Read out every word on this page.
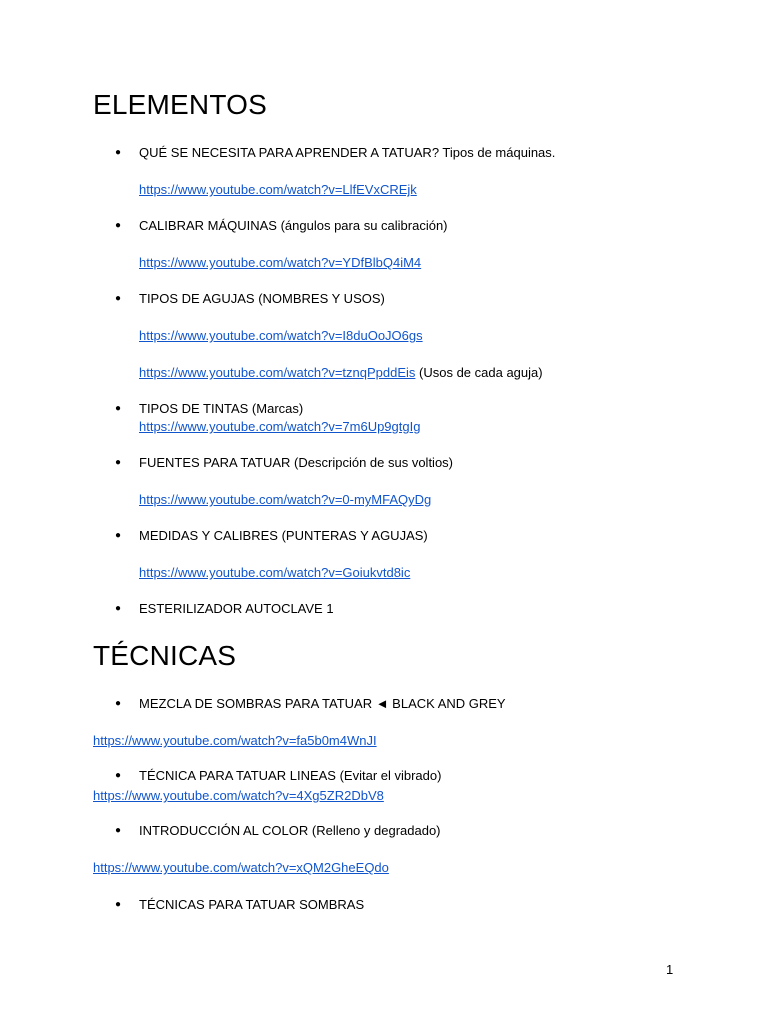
ELEMENTOS
● QUÉ SE NECESITA PARA APRENDER A TATUAR? Tipos de máquinas.
https://www.youtube.com/watch?v=LlfEVxCREjk
● CALIBRAR MÁQUINAS (ángulos para su calibración)
https://www.youtube.com/watch?v=YDfBlbQ4iM4
● TIPOS DE AGUJAS (NOMBRES Y USOS)
https://www.youtube.com/watch?v=I8duOoJO6gs
https://www.youtube.com/watch?v=tznqPpddEis (Usos de cada aguja)
● TIPOS DE TINTAS (Marcas)
https://www.youtube.com/watch?v=7m6Up9gtgIg
● FUENTES PARA TATUAR (Descripción de sus voltios)
https://www.youtube.com/watch?v=0-myMFAQyDg
● MEDIDAS Y CALIBRES (PUNTERAS Y AGUJAS)
https://www.youtube.com/watch?v=Goiukvtd8ic
● ESTERILIZADOR AUTOCLAVE 1
TÉCNICAS
● MEZCLA DE SOMBRAS PARA TATUAR ◄ BLACK AND GREY
https://www.youtube.com/watch?v=fa5b0m4WnJI
● TÉCNICA PARA TATUAR LINEAS (Evitar el vibrado)
https://www.youtube.com/watch?v=4Xg5ZR2DbV8
● INTRODUCCIÓN AL COLOR (Relleno y degradado)
https://www.youtube.com/watch?v=xQM2GheEQdo
● TÉCNICAS PARA TATUAR SOMBRAS
1
